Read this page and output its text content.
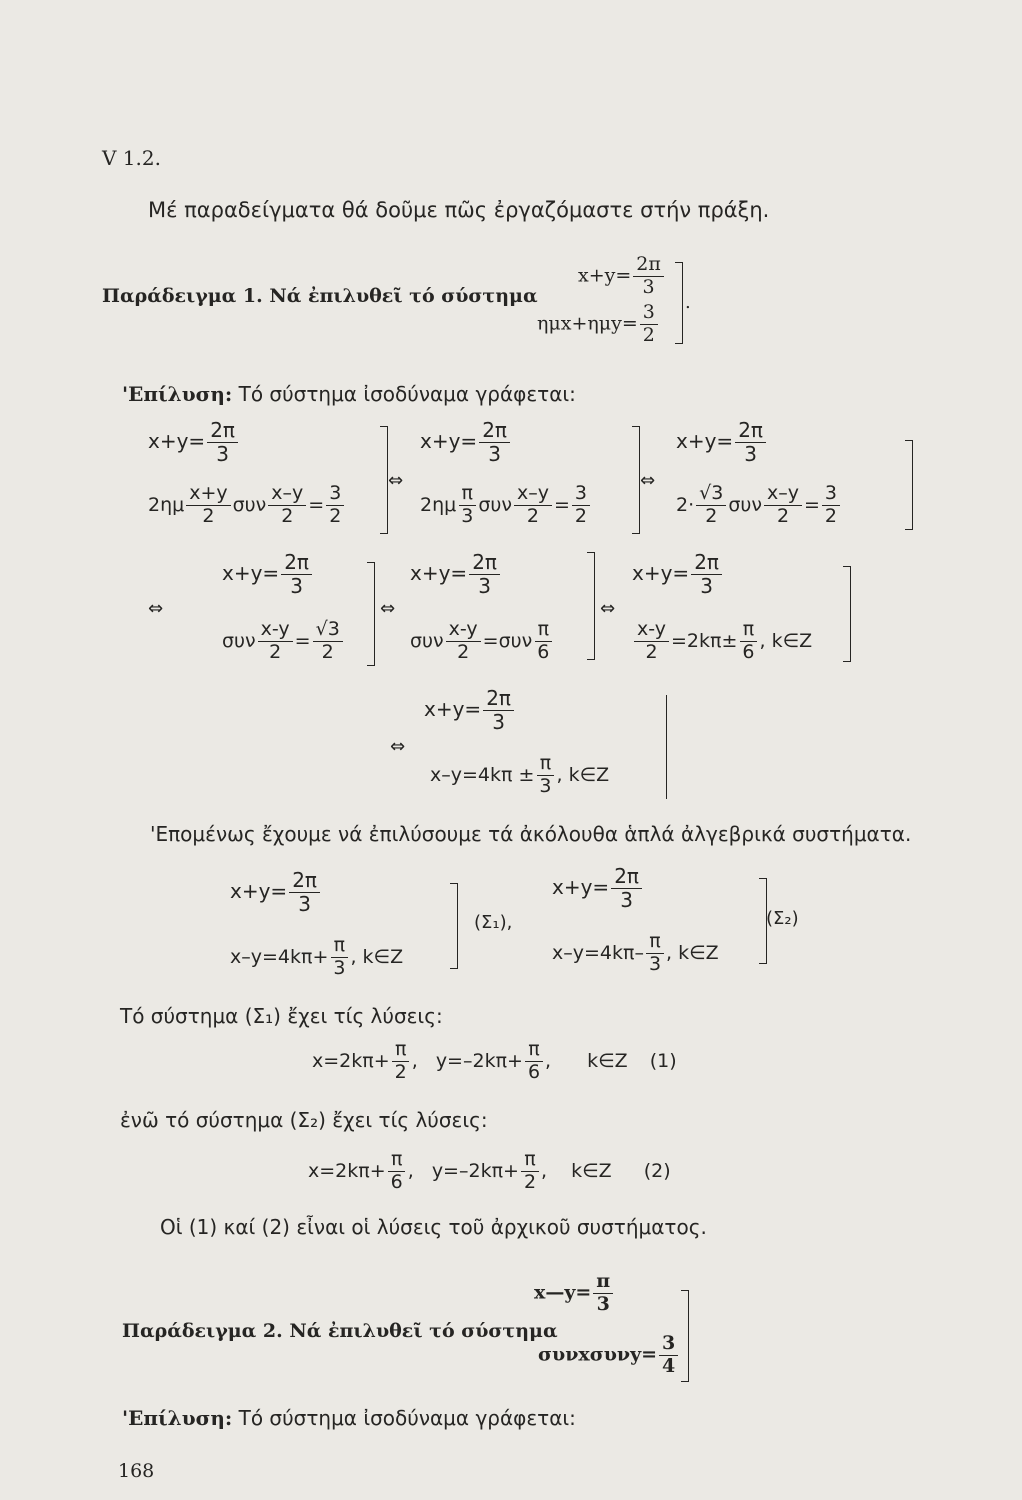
V 1.2.
Μέ παραδείγματα θά δοῦμε πῶς ἐργαζόμαστε στήν πράξη.
Παράδειγμα 1. Νά ἐπιλυθεῖ τό σύστημα
$x+y= \frac{2\pi}{3}$
$\eta\mu x+\eta\mu y= \frac{3}{2}$
.
'Επίλυση: Τό σύστημα ἰσοδύναμα γράφεται:
$x+y= \frac{2\pi}{3}$
$2\eta\mu \frac{x+y}{2}$ συν $\frac{x-y}{2} = \frac{3}{2}$
⇔
$x+y= \frac{2\pi}{3}$
$2\eta\mu \frac{\pi}{3}$ συν $\frac{x-y}{2} = \frac{3}{2}$
⇔
$x+y= \frac{2\pi}{3}$
$2\cdot \frac{√3}{2}$ συν $\frac{x-y}{2} = \frac{3}{2}$
⇔
$x+y= \frac{2\pi}{3}$
συν $\frac{x-y}{2} = \frac{√3}{2}$
⇔
$x+y= \frac{2\pi}{3}$
συν $\frac{x-y}{2} =\sigma\upsilon\nu \frac{\pi}{6}$
⇔
$x+y= \frac{2\pi}{3}$
$\frac{x-y}{2} =2k\pi\pm \frac{\pi}{6}$ , k∈Z
$x+y= \frac{2\pi}{3}$
⇔
$x-y=4k\pi \pm \frac{\pi}{3}$ , k∈Z
'Επομένως ἔχουμε νά ἐπιλύσουμε τά ἀκόλουθα ἁπλά ἀλγεβρικά συστήματα.
$x+y= \frac{2\pi}{3}$
$x-y=4k\pi+ \frac{\pi}{3}$ , k∈Z
(Σ₁),
$x+y= \frac{2\pi}{3}$
$x-y=4k\pi- \frac{\pi}{3}$ , k∈Z
(Σ₂)
Τό σύστημα (Σ₁) ἔχει τίς λύσεις:
$x=2k\pi+ \frac{\pi}{2}$ , $y=-2k\pi+ \frac{\pi}{6}$ , k∈Z (1)
ἐνῶ τό σύστημα (Σ₂) ἔχει τίς λύσεις:
$x=2k\pi+ \frac{\pi}{6}$ , $y=-2k\pi+ \frac{\pi}{2}$ , k∈Z (2)
Οἱ (1) καί (2) εἶναι οἱ λύσεις τοῦ ἀρχικοῦ συστήματος.
Παράδειγμα 2. Νά ἐπιλυθεῖ τό σύστημα
x—y= $\frac{\pi}{3}$
$\sigma\upsilon\nu x\sigma\upsilon\nu y= \frac{3}{4}$
'Επίλυση: Τό σύστημα ἰσοδύναμα γράφεται:
168
